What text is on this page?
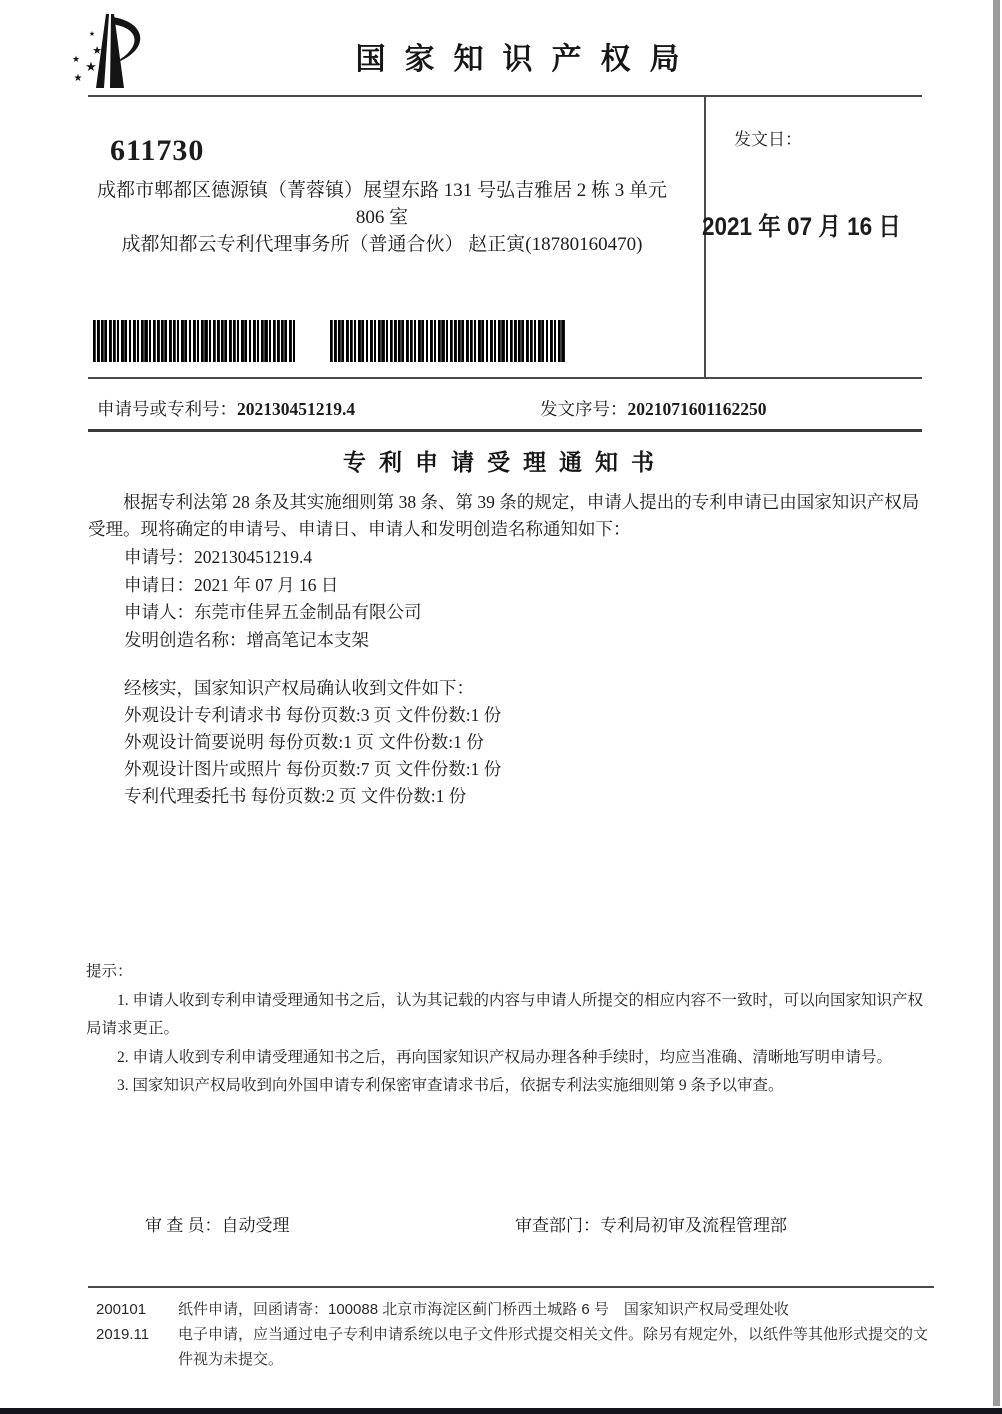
★
★
★ ★
★
国家知识产权局
611730
成都市郫都区德源镇（菁蓉镇）展望东路 131 号弘吉雅居 2 栋 3 单元
806 室
成都知都云专利代理事务所（普通合伙） 赵正寅(18780160470)
发文日：
2021 年 07 月 16 日
申请号或专利号：202130451219.4	发文序号：2021071601162250
专利申请受理通知书
根据专利法第 28 条及其实施细则第 38 条、第 39 条的规定，申请人提出的专利申请已由国家知识产权局
受理。现将确定的申请号、申请日、申请人和发明创造名称通知如下：
申请号：202130451219.4
申请日：2021 年 07 月 16 日
申请人：东莞市佳昇五金制品有限公司
发明创造名称：增高笔记本支架
经核实，国家知识产权局确认收到文件如下：
外观设计专利请求书 每份页数:3 页 文件份数:1 份
外观设计简要说明 每份页数:1 页 文件份数:1 份
外观设计图片或照片 每份页数:7 页 文件份数:1 份
专利代理委托书 每份页数:2 页 文件份数:1 份

提示：

1. 申请人收到专利申请受理通知书之后，认为其记载的内容与申请人所提交的相应内容不一致时，可以向国家知识产权局请求更正。

2. 申请人收到专利申请受理通知书之后，再向国家知识产权局办理各种手续时，均应当准确、清晰地写明申请号。

3. 国家知识产权局收到向外国申请专利保密审查请求书后，依据专利法实施细则第 9 条予以审查。

审 查 员：自动受理	审查部门：专利局初审及流程管理部
200101
2019.11

纸件申请，回函请寄：100088 北京市海淀区蓟门桥西土城路 6 号　国家知识产权局受理处收

电子申请，应当通过电子专利申请系统以电子文件形式提交相关文件。除另有规定外，以纸件等其他形式提交的文件视为未提交。
